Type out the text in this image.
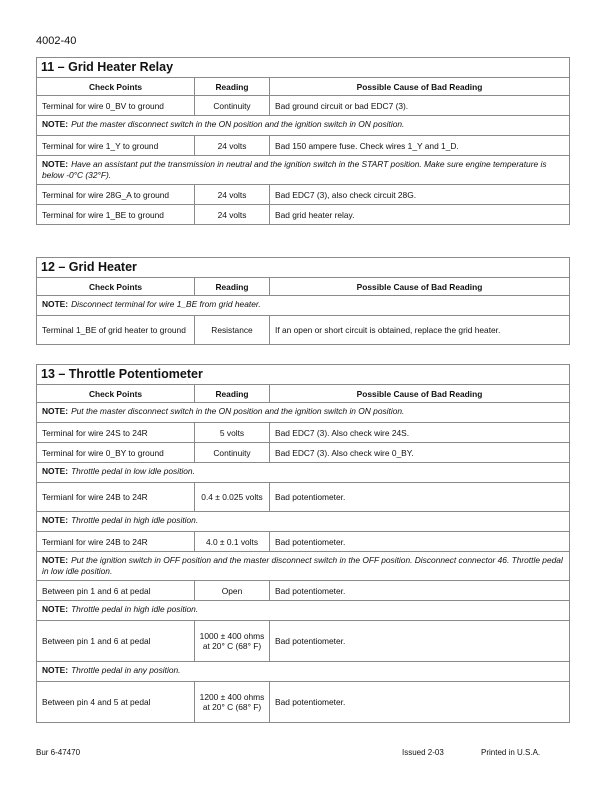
4002-40
11 – Grid Heater Relay
Check Points	Reading	Possible Cause of Bad Reading
Terminal for wire 0_BV to ground	Continuity	Bad ground circuit or bad EDC7 (3).
NOTE: Put the master disconnect switch in the ON position and the ignition switch in ON position.
Terminal for wire 1_Y to ground	24 volts	Bad 150 ampere fuse. Check wires 1_Y and 1_D.
NOTE: Have an assistant put the transmission in neutral and the ignition switch in the START position. Make sure engine temperature is below -0°C (32°F).
Terminal for wire 28G_A to ground	24 volts	Bad EDC7 (3), also check circuit 28G.
Terminal for wire 1_BE to ground	24 volts	Bad grid heater relay.
12 – Grid Heater
Check Points	Reading	Possible Cause of Bad Reading
NOTE: Disconnect terminal for wire 1_BE from grid heater.
Terminal 1_BE of grid heater to ground	Resistance	If an open or short circuit is obtained, replace the grid heater.
13 – Throttle Potentiometer
Check Points	Reading	Possible Cause of Bad Reading
NOTE: Put the master disconnect switch in the ON position and the ignition switch in ON position.
Terminal for wire 24S to 24R	5 volts	Bad EDC7 (3). Also check wire 24S.
Terminal for wire 0_BY to ground	Continuity	Bad EDC7 (3). Also check wire 0_BY.
NOTE: Throttle pedal in low idle position.
Termianl for wire 24B to 24R	0.4 ± 0.025 volts	Bad potentiometer.
NOTE: Throttle pedal in high idle position.
Termianl for wire 24B to 24R	4.0 ± 0.1 volts	Bad potentiometer.
NOTE: Put the ignition switch in OFF position and the master disconnect switch in the OFF position. Disconnect connector 46. Throttle pedal in low idle position.
Between pin 1 and 6 at pedal	Open	Bad potentiometer.
NOTE: Throttle pedal in high idle position.
Between pin 1 and 6 at pedal	1000 ± 400 ohms at 20° C (68° F)	Bad potentiometer.
NOTE: Throttle pedal in any position.
Between pin 4 and 5 at pedal	1200 ± 400 ohms at 20° C (68° F)	Bad potentiometer.
Bur 6-47470	Issued 2-03	Printed in U.S.A.
